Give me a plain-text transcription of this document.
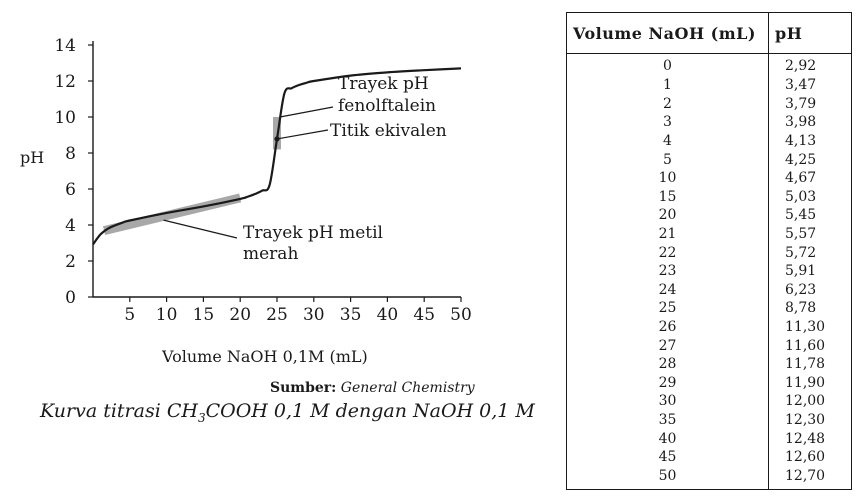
Titik ekivalen
Trayek pH
fenolftalein
Trayek pH metil
merah
0
2
4
6
8
10
12
14
5 10 15 20 25 30 35 40 45 50
pH
Volume NaOH 0,1M (mL)
Sumber: General Chemistry
Kurva titrasi $CH_3COOH$ 0,1 M dengan NaOH 0,1 M
Volume NaOH (mL)	pH
0	2,92
1	3,47
2	3,79
3	3,98
4	4,13
5	4,25
10	4,67
15	5,03
20	5,45
21	5,57
22	5,72
23	5,91
24	6,23
25	8,78
26	11,30
27	11,60
28	11,78
29	11,90
30	12,00
35	12,30
40	12,48
45	12,60
50	12,70
